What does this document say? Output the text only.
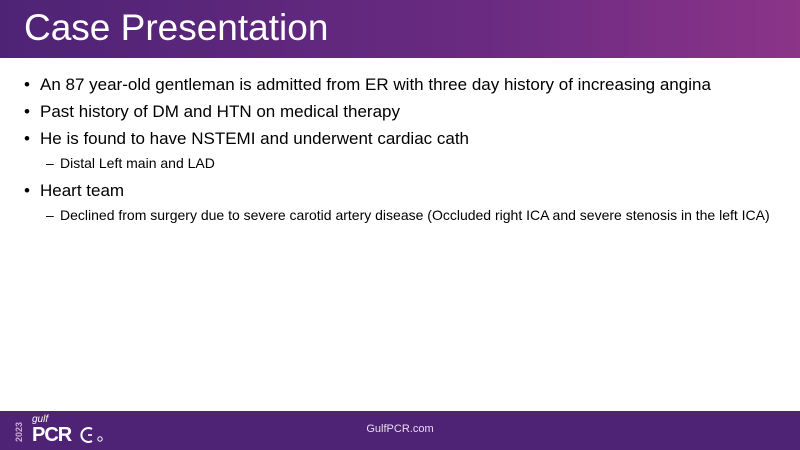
Case Presentation
• An 87 year-old gentleman is admitted from ER with three day history of increasing angina
• Past history of DM and HTN on medical therapy
• He is found to have NSTEMI and underwent cardiac cath
– Distal Left main and LAD
• Heart team
– Declined from surgery due to severe carotid artery disease (Occluded right ICA and severe stenosis in the left ICA)
2023
gulf
PCR	GulfPCR.com
